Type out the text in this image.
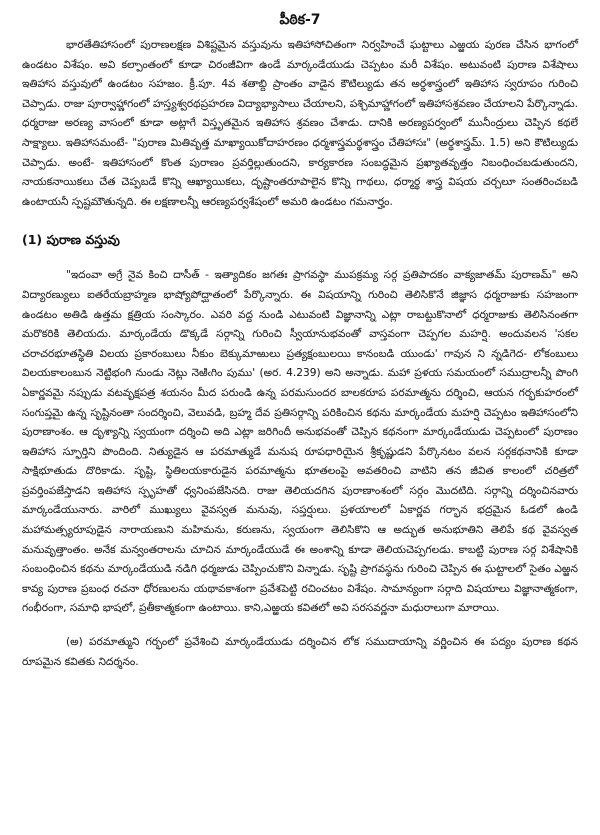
పీఠిక-7

భారతేతిహాసంలో పురాణలక్షణ విశిష్టమైన వస్తువును ఇతిహాసోచితంగా నిర్వహించే ఘట్టాలు ఎఱ్ఱయ పురణ చేసిన భాగంలో ఉండటం విశేషం. అవి కల్పాంతంలో కూడా చిరంజీవిగా ఉండే మార్కండేయుడు చెప్పటం మరీ విశేషం. అటువంటి పురాణ విశేషాలు ఇతిహాస వస్తువులో ఉండటం సహజం. క్రీ.పూ. 4వ శతాబ్ది ప్రాంతం వాడైన కౌటిల్యుడు తన అర్థశాస్త్రంలో ఇతిహాస స్వరూపం గురించి చెప్పాడు. రాజు పూర్వాహ్ణాగంలో హస్త్యశ్వరథప్రహరణ విద్యాభ్యాసాలు చేయాలని, పశ్చిమాహ్ణాగంలో ఇతిహాసశ్రవణం చేయాలని పేర్కొన్నాడు. ధర్మరాజు అరణ్య వాసంలో కూడా అట్లాగే విస్తృతమైన ఇతిహాస శ్రవణం చేశాడు. దానికి అరణ్యపర్వంలో మునీంద్రులు చెప్పిన కథలే సాక్ష్యాలు. ఇతిహాసమంటే- "పురాణ మితివృత్త మాఖ్యాయికోదాహరణం ధర్మశాస్త్రమర్థశాస్త్రం చేతిహాసః" (అర్థశాస్త్రమ్. 1.5) అని కౌటిల్యుడు చెప్పాడు. అంటే- ఇతిహాసంలో కొంత పురాణం ప్రవర్తిల్లుతుందని, కార్యకారణ సంబద్ధమైన ప్రఖ్యాతవృత్తం నిబంధించబడుతుందని, నాయకనాయికలు చేత చెప్పబడే కొన్ని ఆఖ్యాయికలు, దృష్టాంతరూపాలైన కొన్ని గాథలు, ధర్మార్థ శాస్త్ర విషయ చర్చలూ సంతరించబడి ఉంటాయనీ స్పష్టమౌతున్నది. ఈ లక్షణాలన్నీ ఆరణ్యపర్వశేషంలో అమరి ఉండటం గమనార్హం.

(1) పురాణ వస్తువు

"ఇదంవా అగ్రే నైవ కించి దాసీత్ - ఇత్యాదికం జగతః ప్రాగవస్థా ముపక్రమ్య సర్గ ప్రతిపాదకం వాక్యజాతమ్ పురాణమ్" అని విద్యారణ్యులు ఐతరేయబ్రాహ్మణ భాష్యోపోద్ఘాతంలో పేర్కొన్నారు. ఈ విషయాన్ని గురించి తెలిసికొనే జిజ్ఞాస ధర్మరాజుకు సహజంగా ఉండటం అతిడి ఉత్తమ క్షత్రియ సంస్కారం. ఎవరి వద్ద నుండి ఎటువంటి విజ్ఞానాన్ని ఎట్లా రాబట్టుకొనాలో ధర్మరాజుకు తెలిసినంతగా మరొకరికి తెలియదు. మార్కండేయ డొక్కడే సర్గాన్ని గురించి స్వీయానుభవంతో వాస్తవంగా చెప్పగల మహర్షి. అందువలన 'సకల చరాచరభూతస్థితి విలయ ప్రకారంబులు నీకుం బెక్కుమాఱులు ప్రత్యక్షంబులయి కానంబడి యుండు' గావున ని న్నడిగెద- లోకంబులు విలయకాలంబున నెట్టిభంగి నుండు నెట్లు నెఱిఁగిం పుము' (అర. 4.239) అని అన్నాడు. మహా ప్రళయ సమయంలో సముద్రాలన్నీ పొంగి ఏకార్ణవమై నప్పుడు వటవృక్షపత్ర శయనం మీద పరుండి ఉన్న పరమసుందర బాలకరూప పరమాత్మను దర్శించి, ఆయన గర్భకుహరంలో సంగుప్తమై ఉన్న సృష్టినంతా సందర్శించి, వెలువడి, బ్రహ్మ దేవ ప్రతిసర్గాన్ని పరికించిన కథను మార్కండేయ మహర్షి చెప్పటం ఇతిహాసంలోని పురాణాంశం. ఆ దృశ్యాన్ని స్వయంగా దర్శించి అది ఎట్లా జరిగిందీ అనుభవంతో చెప్పిన కథనంగా మార్కండేయుడు చెప్పటంలో పురాణం ఇతిహాస స్ఫూర్తిని పొందింది. నిత్యుడైన ఆ పరమాత్ముడే మనుష రూపధారియైన శ్రీకృష్ణుడని పేర్కొనటం వలన సర్గకథనానికి కూడా సాక్షిభూతుడు దొరికాడు. సృష్టి, స్థితిలయకారుడైన పరమాత్మను భూతలంపై అవతరించి వాటిని తన జీవిత కాలంలో చరిత్రలో ప్రవర్తింపజేస్తాడని ఇతిహాస స్పృహతో ధ్వనింపజేసినది. రాజు తెలియదగిన పురాణాంశంలో సర్గం మొదటిది. సర్గాన్ని దర్శించినవారు మార్కండేయునారు. వారిలో ముఖ్యులు వైవస్వత మనువు, సప్తర్షులు. ప్రళయాలలో ఏకార్ణవ గర్భాన భద్రమైన ఓడలో ఉండి మహామత్స్యరూపుడైన నారాయణుని మహిమను, కరుణను, స్వయంగా తెలిసికొని ఆ అద్భుత అనుభూతిని తెలిపే కథ వైవస్వత మనువృత్తాంతం. అనేక మన్వంతరాలను చూచిన మార్కండేయుడే ఈ అంశాన్ని కూడా తెలియచెప్పగలడు. కాబట్టి పురాణ సర్గ విశేషానికి సంబంధించిన కథను మార్కండేయుడి నడిగి ధర్మజుడు చెప్పించుకొని విన్నాడు. సృష్టి ప్రాగవస్థను గురించి చెప్పిన ఈ ఘట్టాలలో సైతం ఎఱ్ఱన కావ్య పురాణ ప్రబంధ రచనా ధోరణులను యథావకాశంగా ప్రవేశపెట్టి రచించటం విశేషం. సామాన్యంగా సర్గాది విషయాలు విజ్ఞానాత్మకంగా, గంభీరంగా, సమాధి భాషలో, ప్రతీకాత్మకంగా ఉంటాయి. కాని,ఎఱ్ఱయ కవితలో అవి సరసవర్ణనా మధురాలుగా మారాయి.

(అ) పరమాత్ముని గర్భంలో ప్రవేశించి మార్కండేయుడు దర్శించిన లోక సముదాయాన్ని వర్ణించిన ఈ పద్యం పురాణ కథన రూపమైన కవితకు నిదర్శనం.
